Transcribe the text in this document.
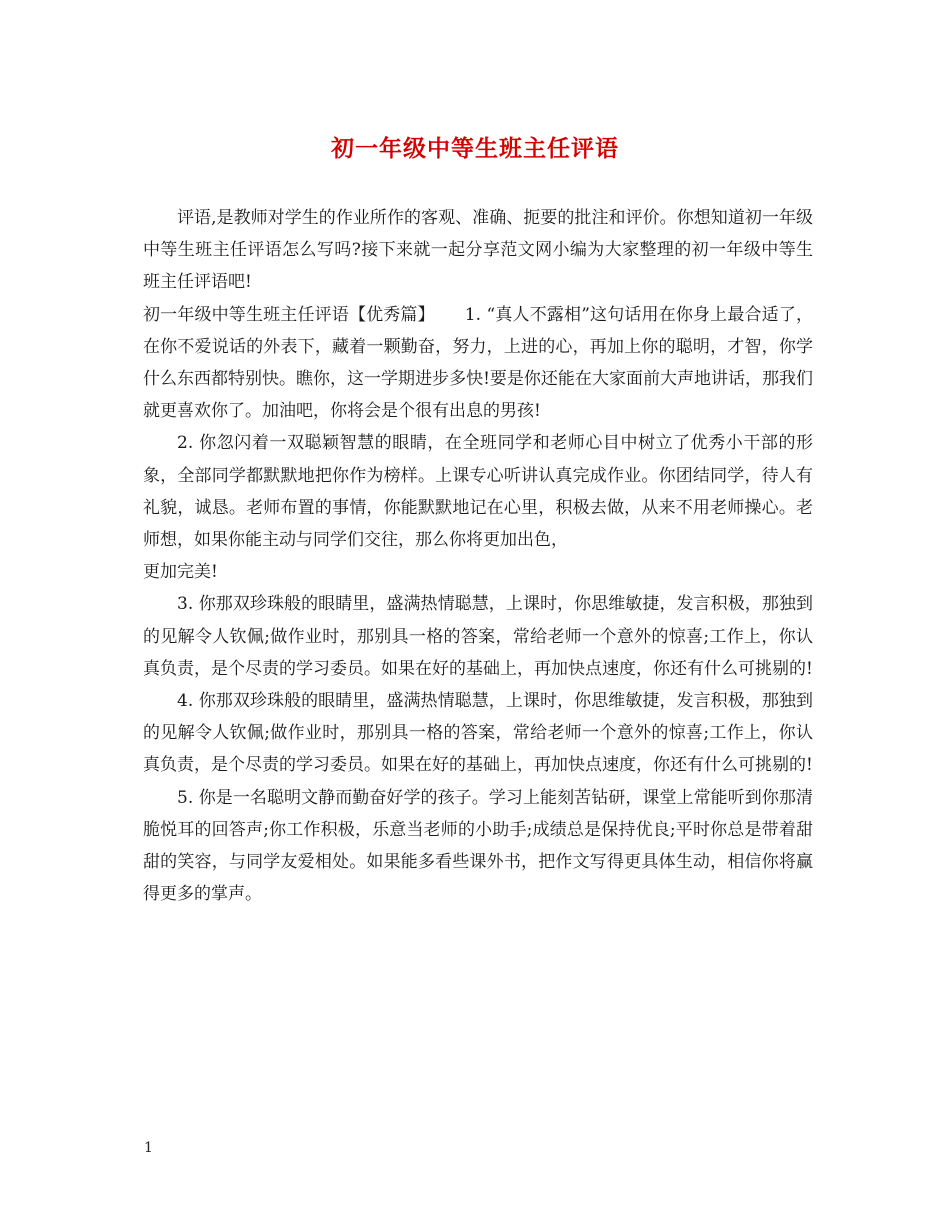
初一年级中等生班主任评语

评语,是教师对学生的作业所作的客观、准确、扼要的批注和评价。你想知道初一年级中等生班主任评语怎么写吗?接下来就一起分享范文网小编为大家整理的初一年级中等生班主任评语吧!

初一年级中等生班主任评语【优秀篇】 1. “真人不露相”这句话用在你身上最合适了，在你不爱说话的外表下，藏着一颗勤奋，努力，上进的心，再加上你的聪明，才智，你学什么东西都特别快。瞧你，这一学期进步多快!要是你还能在大家面前大声地讲话，那我们就更喜欢你了。加油吧，你将会是个很有出息的男孩!

2. 你忽闪着一双聪颖智慧的眼睛，在全班同学和老师心目中树立了优秀小干部的形象，全部同学都默默地把你作为榜样。上课专心听讲认真完成作业。你团结同学，待人有礼貌，诚恳。老师布置的事情，你能默默地记在心里，积极去做，从来不用老师操心。老师想，如果你能主动与同学们交往，那么你将更加出色，

更加完美!

3. 你那双珍珠般的眼睛里，盛满热情聪慧，上课时，你思维敏捷，发言积极，那独到的见解令人钦佩;做作业时，那别具一格的答案，常给老师一个意外的惊喜;工作上，你认真负责，是个尽责的学习委员。如果在好的基础上，再加快点速度，你还有什么可挑剔的!

4. 你那双珍珠般的眼睛里，盛满热情聪慧，上课时，你思维敏捷，发言积极，那独到的见解令人钦佩;做作业时，那别具一格的答案，常给老师一个意外的惊喜;工作上，你认真负责，是个尽责的学习委员。如果在好的基础上，再加快点速度，你还有什么可挑剔的!

5. 你是一名聪明文静而勤奋好学的孩子。学习上能刻苦钻研，课堂上常能听到你那清脆悦耳的回答声;你工作积极，乐意当老师的小助手;成绩总是保持优良;平时你总是带着甜甜的笑容，与同学友爱相处。如果能多看些课外书，把作文写得更具体生动，相信你将赢得更多的掌声。

1
